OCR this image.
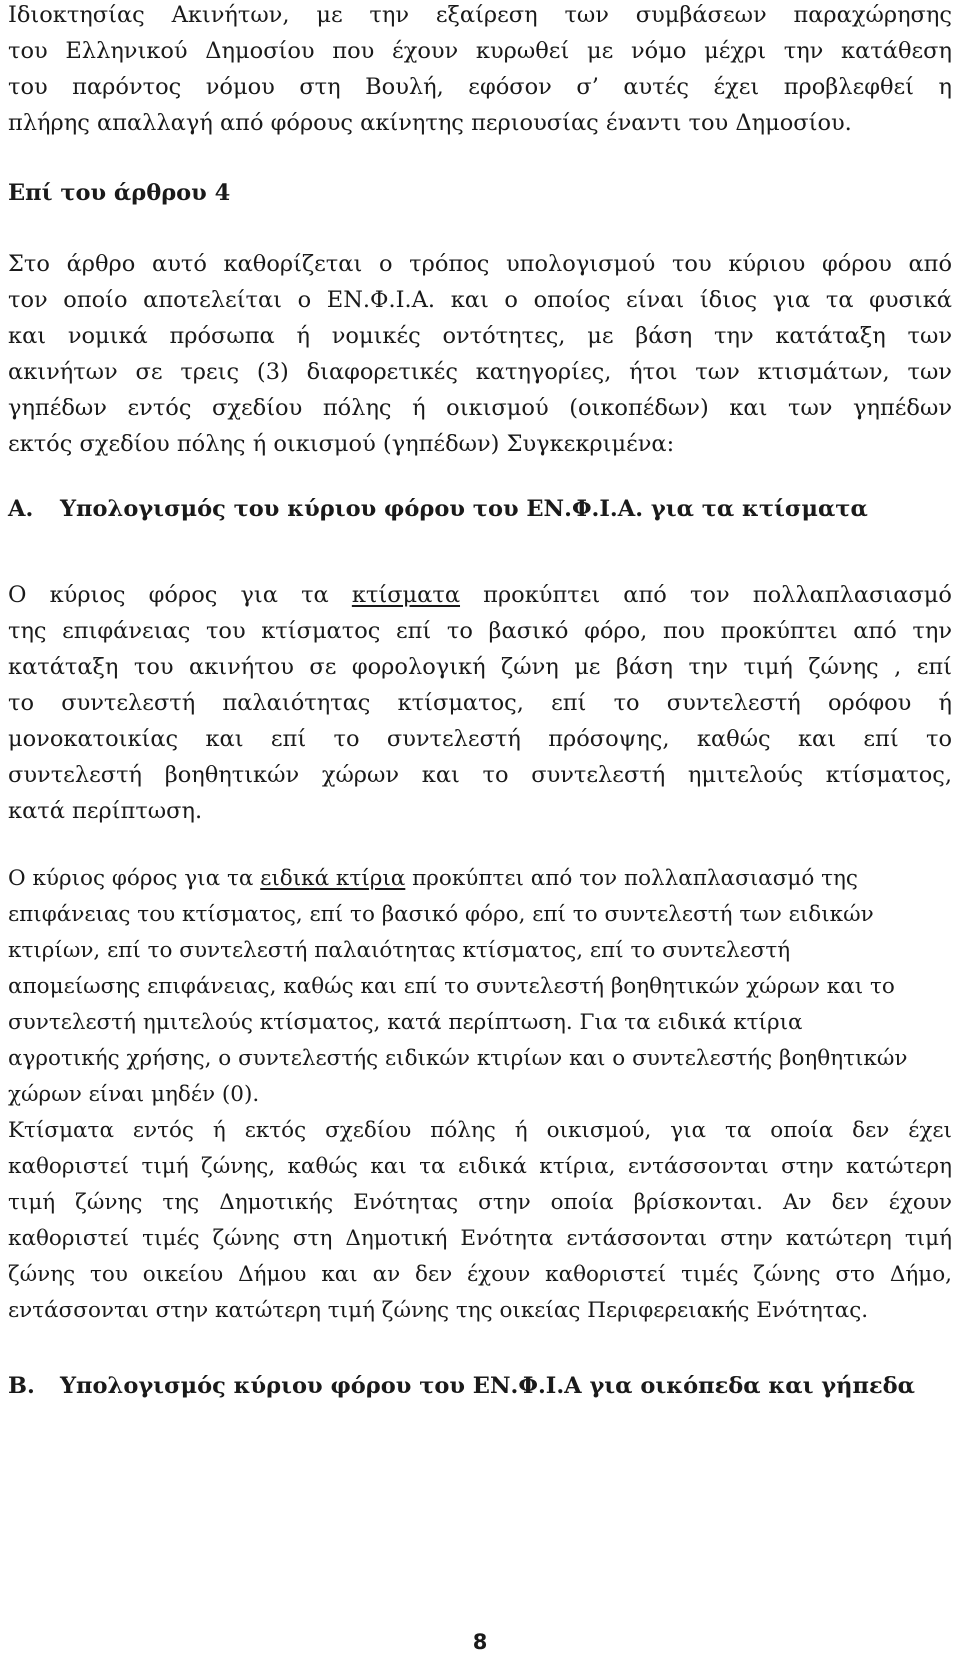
Ιδιοκτησίας Ακινήτων, με την εξαίρεση των συμβάσεων παραχώρησης
του Ελληνικού Δημοσίου που έχουν κυρωθεί με νόμο μέχρι την κατάθεση
του παρόντος νόμου στη Βουλή, εφόσον σ’ αυτές έχει προβλεφθεί η
πλήρης απαλλαγή από φόρους ακίνητης περιουσίας έναντι του Δημοσίου.
Επί του άρθρου 4
Στο άρθρο αυτό καθορίζεται ο τρόπος υπολογισμού του κύριου φόρου από
τον οποίο αποτελείται ο ΕΝ.Φ.Ι.Α. και ο οποίος είναι ίδιος για τα φυσικά
και νομικά πρόσωπα ή νομικές οντότητες, με βάση την κατάταξη των
ακινήτων σε τρεις (3) διαφορετικές κατηγορίες, ήτοι των κτισμάτων, των
γηπέδων εντός σχεδίου πόλης ή οικισμού (οικοπέδων) και των γηπέδων
εκτός σχεδίου πόλης ή οικισμού (γηπέδων) Συγκεκριμένα:
Α. Υπολογισμός του κύριου φόρου του ΕΝ.Φ.Ι.Α. για τα κτίσματα
Ο κύριος φόρος για τα κτίσματα προκύπτει από τον πολλαπλασιασμό
της επιφάνειας του κτίσματος επί το βασικό φόρο, που προκύπτει από την
κατάταξη του ακινήτου σε φορολογική ζώνη με βάση την τιμή ζώνης , επί
το συντελεστή παλαιότητας κτίσματος, επί το συντελεστή ορόφου ή
μονοκατοικίας και επί το συντελεστή πρόσοψης, καθώς και επί το
συντελεστή βοηθητικών χώρων και το συντελεστή ημιτελούς κτίσματος,
κατά περίπτωση.
Ο κύριος φόρος για τα ειδικά κτίρια προκύπτει από τον πολλαπλασιασμό της
επιφάνειας του κτίσματος, επί το βασικό φόρο, επί το συντελεστή των ειδικών
κτιρίων, επί το συντελεστή παλαιότητας κτίσματος, επί το συντελεστή
απομείωσης επιφάνειας, καθώς και επί το συντελεστή βοηθητικών χώρων και το
συντελεστή ημιτελούς κτίσματος, κατά περίπτωση. Για τα ειδικά κτίρια
αγροτικής χρήσης, ο συντελεστής ειδικών κτιρίων και ο συντελεστής βοηθητικών
χώρων είναι μηδέν (0).
Κτίσματα εντός ή εκτός σχεδίου πόλης ή οικισμού, για τα οποία δεν έχει
καθοριστεί τιμή ζώνης, καθώς και τα ειδικά κτίρια, εντάσσονται στην κατώτερη
τιμή ζώνης της Δημοτικής Ενότητας στην οποία βρίσκονται. Αν δεν έχουν
καθοριστεί τιμές ζώνης στη Δημοτική Ενότητα εντάσσονται στην κατώτερη τιμή
ζώνης του οικείου Δήμου και αν δεν έχουν καθοριστεί τιμές ζώνης στο Δήμο,
εντάσσονται στην κατώτερη τιμή ζώνης της οικείας Περιφερειακής Ενότητας.
Β. Υπολογισμός κύριου φόρου του ΕΝ.Φ.Ι.Α για οικόπεδα και γήπεδα
8
